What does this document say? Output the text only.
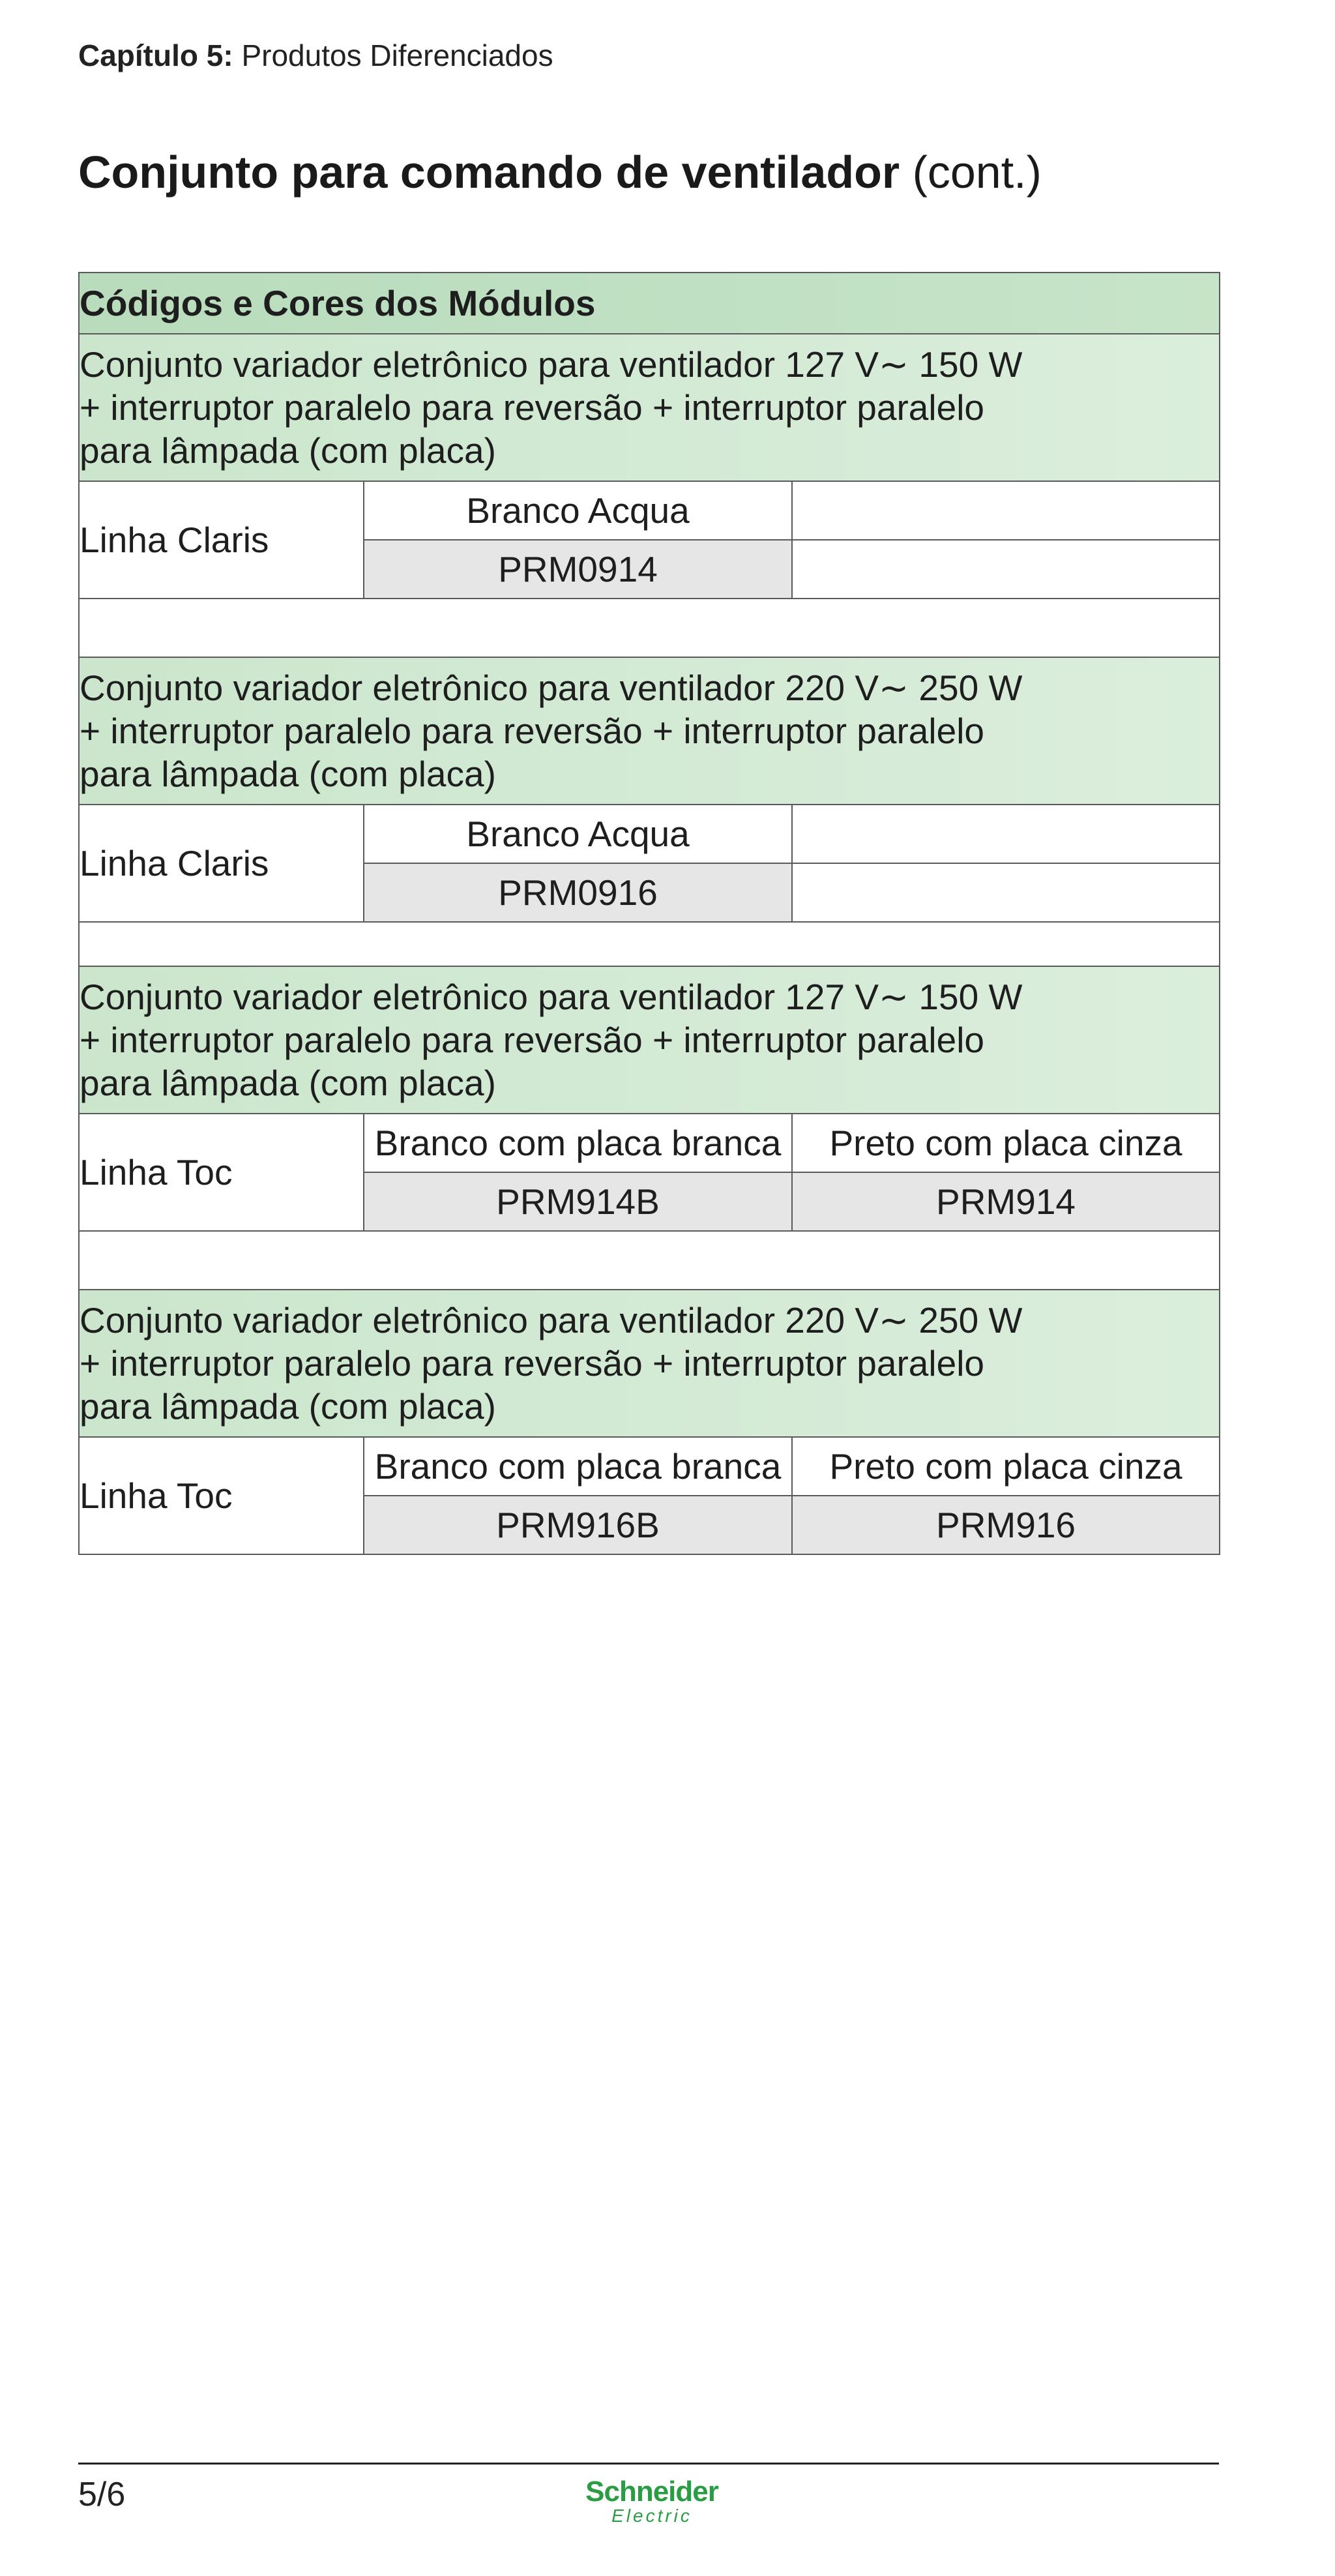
Capítulo 5: Produtos Diferenciados
Conjunto para comando de ventilador (cont.)
Códigos e Cores dos Módulos		

Conjunto variador eletrônico para ventilador 127 V∼ 150 W
+ interruptor paralelo para reversão + interruptor paralelo
para lâmpada (com placa)		

Linha Claris	Branco Acqua	
	PRM0914	

Conjunto variador eletrônico para ventilador 220 V∼ 250 W
+ interruptor paralelo para reversão + interruptor paralelo
para lâmpada (com placa)		

Linha Claris	Branco Acqua	
	PRM0916	

Conjunto variador eletrônico para ventilador 127 V∼ 150 W
+ interruptor paralelo para reversão + interruptor paralelo
para lâmpada (com placa)		

Linha Toc	Branco com placa branca	Preto com placa cinza
	PRM914B	PRM914

Conjunto variador eletrônico para ventilador 220 V∼ 250 W
+ interruptor paralelo para reversão + interruptor paralelo
para lâmpada (com placa)		

Linha Toc	Branco com placa branca	Preto com placa cinza
	PRM916B	PRM916
5/6	Schneider
Electric
